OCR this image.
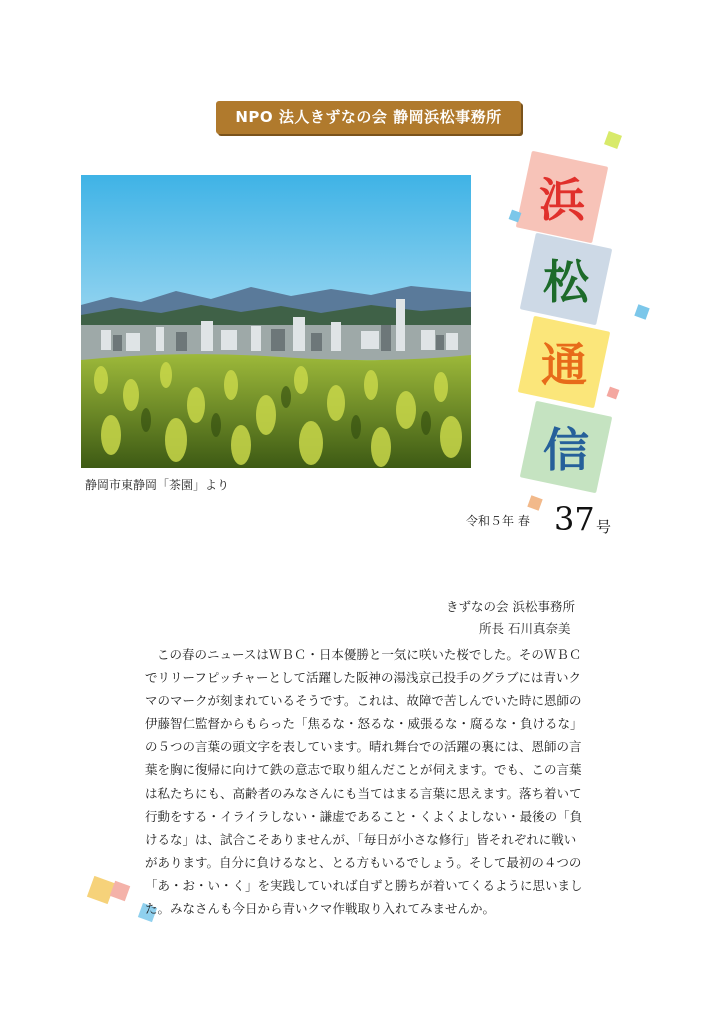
NPO 法人きずなの会 静岡浜松事務所
静岡市東静岡「茶園」より
浜
松
通
信
令和５年 春 37 号
きずなの会 浜松事務所
所長 石川真奈美
この春のニュースはＷＢＣ・日本優勝と一気に咲いた桜でした。そのＷＢＣ
でリリーフピッチャーとして活躍した阪神の湯浅京己投手のグラブには青いク
マのマークが刻まれているそうです。これは、故障で苦しんでいた時に恩師の
伊藤智仁監督からもらった「焦るな・怒るな・威張るな・腐るな・負けるな」
の５つの言葉の頭文字を表しています。晴れ舞台での活躍の裏には、恩師の言
葉を胸に復帰に向けて鉄の意志で取り組んだことが伺えます。でも、この言葉
は私たちにも、高齢者のみなさんにも当てはまる言葉に思えます。落ち着いて
行動をする・イライラしない・謙虚であること・くよくよしない・最後の「負
けるな」は、試合こそありませんが、「毎日が小さな修行」皆それぞれに戦い
があります。自分に負けるなと、とる方もいるでしょう。そして最初の４つの
「あ・お・い・く」を実践していれば自ずと勝ちが着いてくるように思いまし
た。みなさんも今日から青いクマ作戦取り入れてみませんか。
